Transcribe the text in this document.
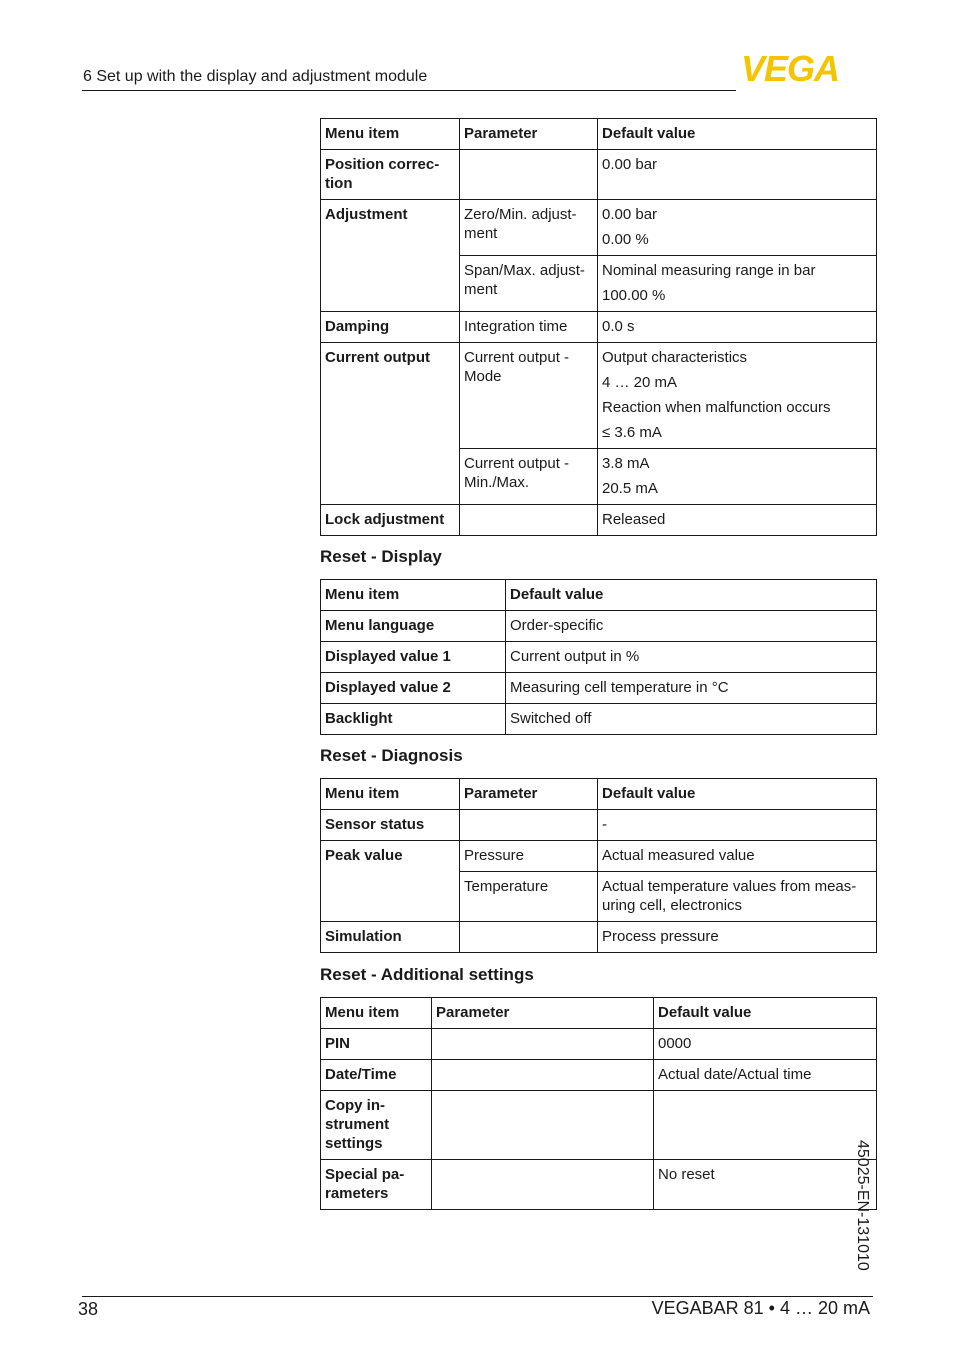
6 Set up with the display and adjustment module	VEGA
Menu item	Parameter	Default value
Position correc-
tion		0.00 bar

Adjustment	Zero/Min. adjust-
ment	0.00 bar
0.00 %

	Span/Max. adjust-
ment	Nominal measuring range in bar
100.00 %

Damping	Integration time	0.0 s

Current output	Current output -
Mode	Output characteristics
4 … 20 mA
Reaction when malfunction occurs
≤ 3.6 mA

	Current output -
Min./Max.	3.8 mA
20.5 mA

Lock adjustment		Released
Reset - Display
Menu item	Default value
Menu language	Order-specific
Displayed value 1	Current output in %
Displayed value 2	Measuring cell temperature in °C
Backlight	Switched off
Reset - Diagnosis
Menu item	Parameter	Default value
Sensor status		-
Peak value	Pressure	Actual measured value
	Temperature	Actual temperature values from meas-
uring cell, electronics
Simulation		Process pressure
Reset - Additional settings
Menu item	Parameter	Default value
PIN		0000
Date/Time		Actual date/Actual time
Copy in-
strument
settings		
Special pa-
rameters		No reset	45025-EN-131010
38	VEGABAR 81 • 4 … 20 mA
